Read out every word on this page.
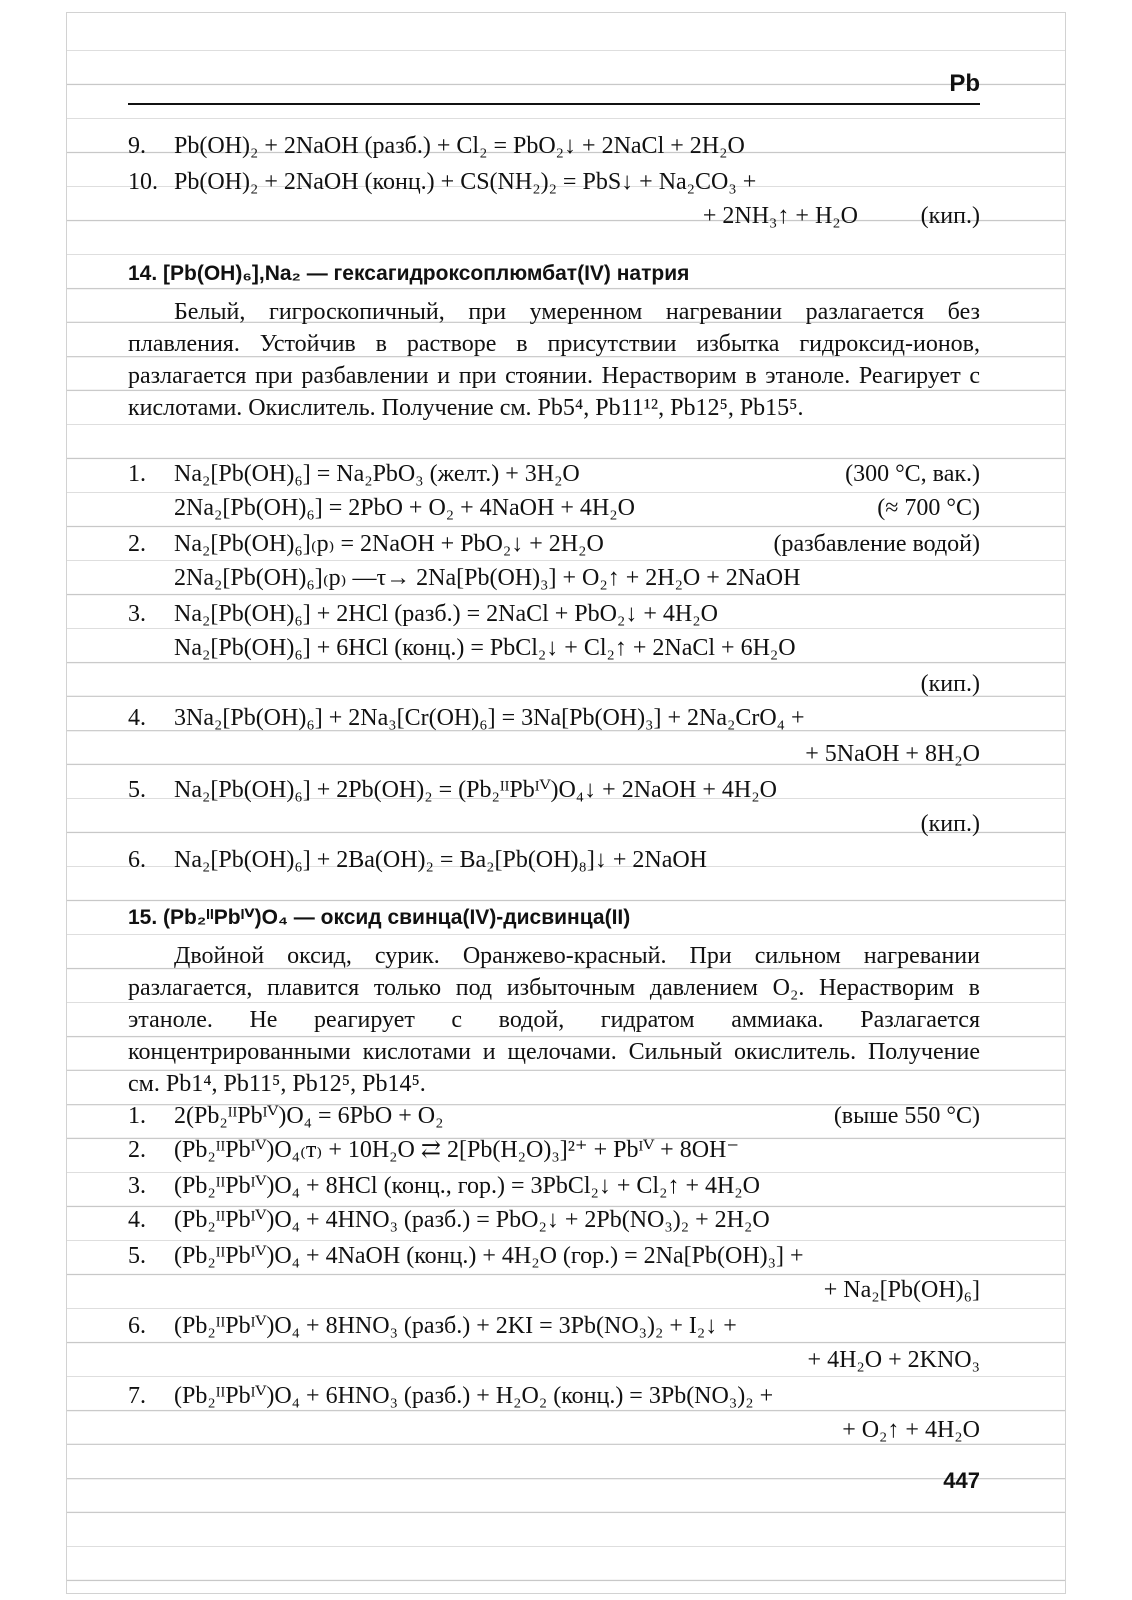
Pb
9. Pb(OH)₂ + 2NaOH (разб.) + Cl₂ = PbO₂↓ + 2NaCl + 2H₂O
10. Pb(OH)₂ + 2NaOH (конц.) + CS(NH₂)₂ = PbS↓ + Na₂CO₃ +
+ 2NH₃↑ + H₂O	(кип.)
14. [Pb(OH)₆],Na₂ — гексагидроксоплюмбат(IV) натрия
Белый, гигроскопичный, при умеренном нагревании разлагается без плавления. Устойчив в растворе в присутствии избытка гидроксид-ионов, разлагается при разбавлении и при стоянии. Нерастворим в этаноле. Реагирует с кислотами. Окислитель. Получение см. Pb5⁴, Pb11¹², Pb12⁵, Pb15⁵.
1. Na₂[Pb(OH)₆] = Na₂PbO₃ (желт.) + 3H₂O	(300 °С, вак.)
2Na₂[Pb(OH)₆] = 2PbO + O₂ + 4NaOH + 4H₂O	(≈ 700 °С)
2. Na₂[Pb(OH)₆]₍р₎ = 2NaOH + PbO₂↓ + 2H₂O	(разбавление водой)
2Na₂[Pb(OH)₆]₍р₎ —τ→ 2Na[Pb(OH)₃] + O₂↑ + 2H₂O + 2NaOH
3. Na₂[Pb(OH)₆] + 2HCl (разб.) = 2NaCl + PbO₂↓ + 4H₂O
Na₂[Pb(OH)₆] + 6HCl (конц.) = PbCl₂↓ + Cl₂↑ + 2NaCl + 6H₂O
(кип.)
4. 3Na₂[Pb(OH)₆] + 2Na₃[Cr(OH)₆] = 3Na[Pb(OH)₃] + 2Na₂CrO₄ +
+ 5NaOH + 8H₂O
5. Na₂[Pb(OH)₆] + 2Pb(OH)₂ = (Pb₂ᴵᴵPbᴵⱽ)O₄↓ + 2NaOH + 4H₂O
(кип.)
6. Na₂[Pb(OH)₆] + 2Ba(OH)₂ = Ba₂[Pb(OH)₈]↓ + 2NaOH
15. (Pb₂ᴵᴵPbᴵⱽ)O₄ — оксид свинца(IV)-дисвинца(II)
Двойной оксид, сурик. Оранжево-красный. При сильном нагревании разлагается, плавится только под избыточным давлением O₂. Нерастворим в этаноле. Не реагирует с водой, гидратом аммиака. Разлагается концентрированными кислотами и щелочами. Сильный окислитель. Получение см. Pb1⁴, Pb11⁵, Pb12⁵, Pb14⁵.
1. 2(Pb₂ᴵᴵPbᴵⱽ)O₄ = 6PbO + O₂	(выше 550 °С)
2. (Pb₂ᴵᴵPbᴵⱽ)O₄₍т₎ + 10H₂O ⇄ 2[Pb(H₂O)₃]²⁺ + Pbᴵⱽ + 8OH⁻
3. (Pb₂ᴵᴵPbᴵⱽ)O₄ + 8HCl (конц., гор.) = 3PbCl₂↓ + Cl₂↑ + 4H₂O
4. (Pb₂ᴵᴵPbᴵⱽ)O₄ + 4HNO₃ (разб.) = PbO₂↓ + 2Pb(NO₃)₂ + 2H₂O
5. (Pb₂ᴵᴵPbᴵⱽ)O₄ + 4NaOH (конц.) + 4H₂O (гор.) = 2Na[Pb(OH)₃] +
+ Na₂[Pb(OH)₆]
6. (Pb₂ᴵᴵPbᴵⱽ)O₄ + 8HNO₃ (разб.) + 2KI = 3Pb(NO₃)₂ + I₂↓ +
+ 4H₂O + 2KNO₃
7. (Pb₂ᴵᴵPbᴵⱽ)O₄ + 6HNO₃ (разб.) + H₂O₂ (конц.) = 3Pb(NO₃)₂ +
+ O₂↑ + 4H₂O
447
